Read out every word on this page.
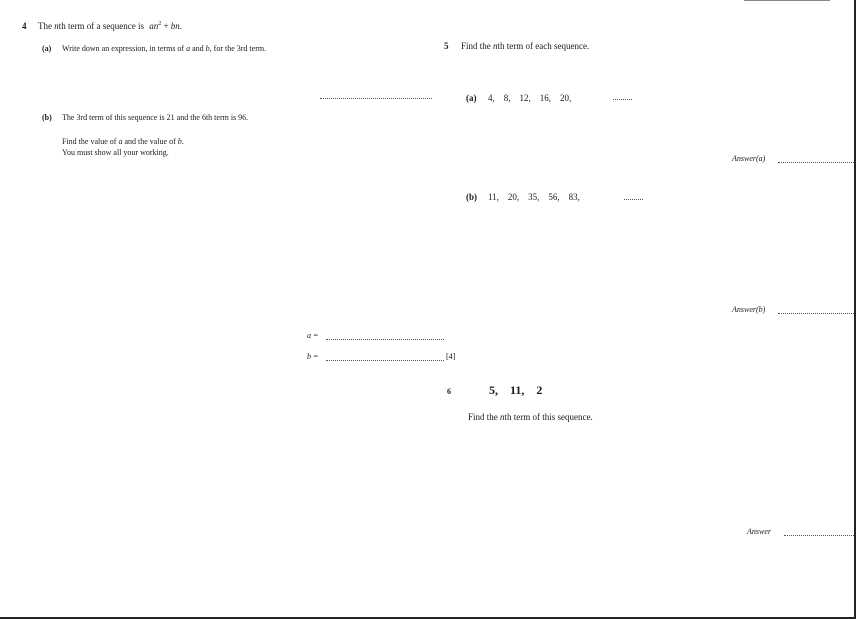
4 The nth term of a sequence is $an^2$ + bn.
(a) Write down an expression, in terms of a and b, for the 3rd term.
(b) The 3rd term of this sequence is 21 and the 6th term is 96.
Find the value of a and the value of b.
You must show all your working.
a =
b =	[4]
5 Find the nth term of each sequence.
(a) 4, 8, 12, 16, 20,
Answer(a)
(b) 11, 20, 35, 56, 83,
Answer(b)
6	5, 11, 2
Find the nth term of this sequence.
Answer
